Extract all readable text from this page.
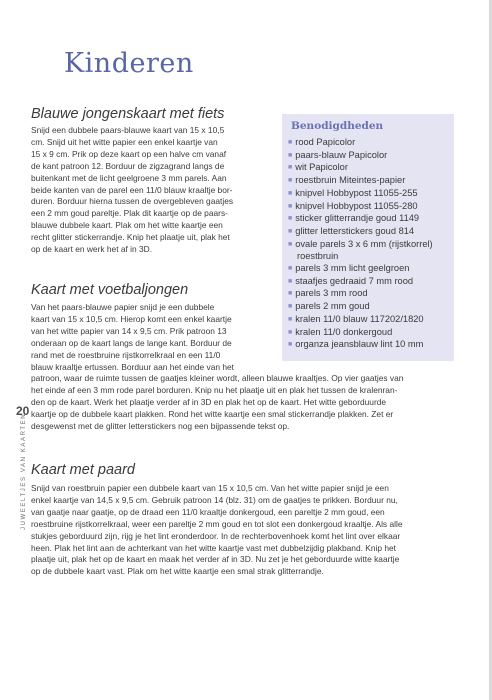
Kinderen
Blauwe jongenskaart met fiets
Snijd een dubbele paars-blauwe kaart van 15 x 10,5
cm. Snijd uit het witte papier een enkel kaartje van
15 x 9 cm. Prik op deze kaart op een halve cm vanaf
de kant patroon 12. Borduur de zigzagrand langs de
buitenkant met de licht geelgroene 3 mm parels. Aan
beide kanten van de parel een 11/0 blauw kraaltje bor-
duren. Borduur hierna tussen de overgebleven gaatjes
een 2 mm goud pareltje. Plak dit kaartje op de paars-
blauwe dubbele kaart. Plak om het witte kaartje een
recht glitter stickerrandje. Knip het plaatje uit, plak het
op de kaart en werk het af in 3D.
Benodigdheden
■ rood Papicolor
■ paars-blauw Papicolor
■ wit Papicolor
■ roestbruin Miteintes-papier
■ knipvel Hobbypost 11055-255
■ knipvel Hobbypost 11055-280
■ sticker glitterrandje goud 1149
■ glitter letterstickers goud 814
■ ovale parels 3 x 6 mm (rijstkorrel)
roestbruin
■ parels 3 mm licht geelgroen
■ staafjes gedraaid 7 mm rood
■ parels 3 mm rood
■ parels 2 mm goud
■ kralen 11/0 blauw 117202/1820
■ kralen 11/0 donkergoud
■ organza jeansblauw lint 10 mm
Kaart met voetbaljongen
Van het paars-blauwe papier snijd je een dubbele
kaart van 15 x 10,5 cm. Hierop komt een enkel kaartje
van het witte papier van 14 x 9,5 cm. Prik patroon 13
onderaan op de kaart langs de lange kant. Borduur de
rand met de roestbruine rijstkorrelkraal en een 11/0
blauw kraaltje ertussen. Borduur aan het einde van het
patroon, waar de ruimte tussen de gaatjes kleiner wordt, alleen blauwe kraaltjes. Op vier gaatjes van
het einde af een 3 mm rode parel borduren. Knip nu het plaatje uit en plak het tussen de kralenran-
den op de kaart. Werk het plaatje verder af in 3D en plak het op de kaart. Het witte geborduurde
kaartje op de dubbele kaart plakken. Rond het witte kaartje een smal stickerrandje plakken. Zet er
desgewenst met de glitter letterstickers nog een bijpassende tekst op.
20
JUWEELTJES VAN KAARTEN Kaart met paard
Snijd van roestbruin papier een dubbele kaart van 15 x 10,5 cm. Van het witte papier snijd je een
enkel kaartje van 14,5 x 9,5 cm. Gebruik patroon 14 (blz. 31) om de gaatjes te prikken. Borduur nu,
van gaatje naar gaatje, op de draad een 11/0 kraaltje donkergoud, een pareltje 2 mm goud, een
roestbruine rijstkorrelkraal, weer een pareltje 2 mm goud en tot slot een donkergoud kraaltje. Als alle
stukjes geborduurd zijn, rijg je het lint eronderdoor. In de rechterbovenhoek komt het lint over elkaar
heen. Plak het lint aan de achterkant van het witte kaartje vast met dubbelzijdig plakband. Knip het
plaatje uit, plak het op de kaart en maak het verder af in 3D. Nu zet je het geborduurde witte kaartje
op de dubbele kaart vast. Plak om het witte kaartje een smal strak glitterrandje.
